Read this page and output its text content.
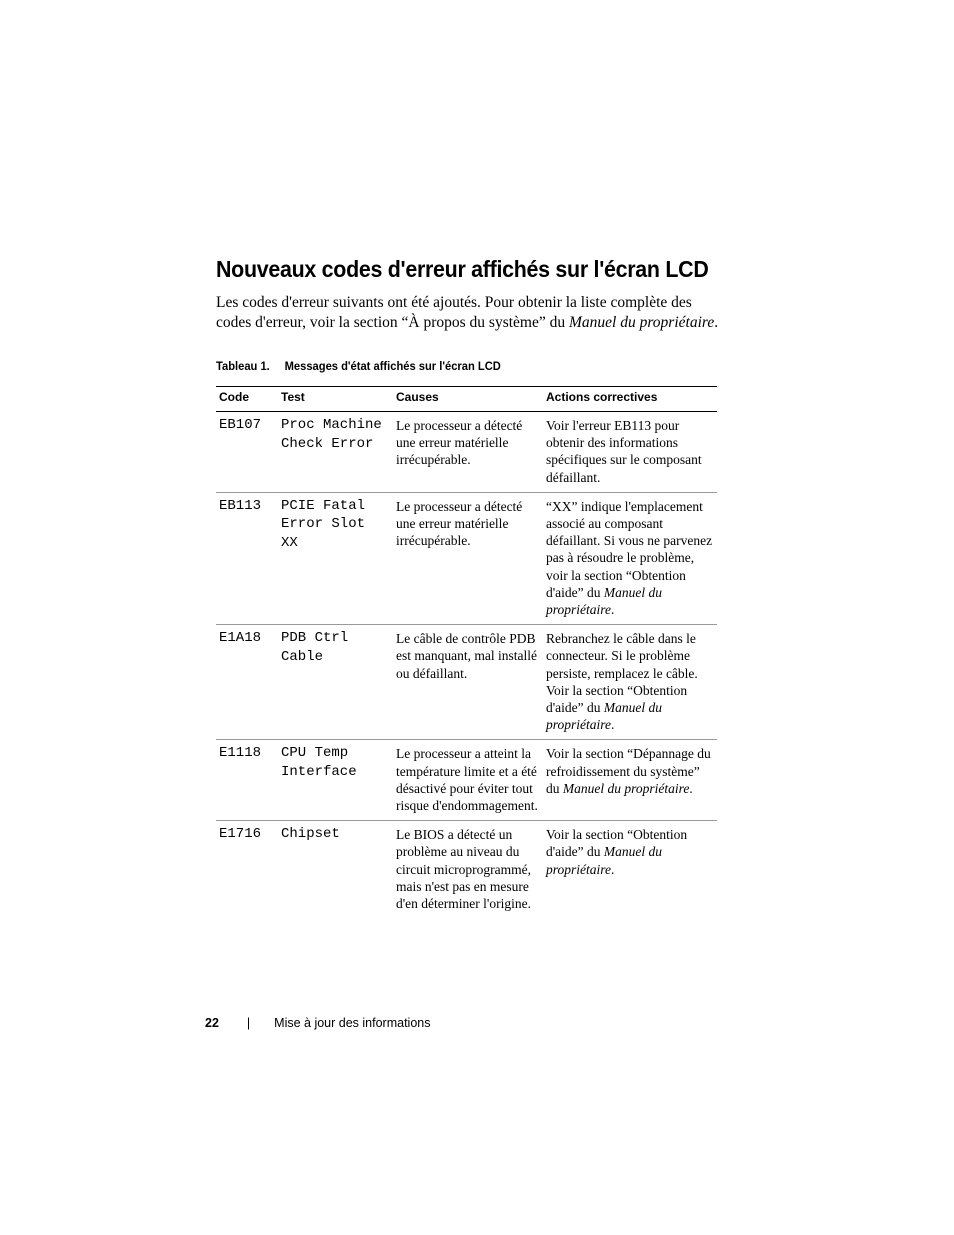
Nouveaux codes d'erreur affichés sur l'écran LCD

Les codes d'erreur suivants ont été ajoutés. Pour obtenir la liste complète des codes d'erreur, voir la section “À propos du système” du Manuel du propriétaire.

Tableau 1. Messages d'état affichés sur l'écran LCD

Code	Test	Causes	Actions correctives
EB107	Proc Machine Check Error	Le processeur a détecté une erreur matérielle irrécupérable.	Voir l'erreur EB113 pour obtenir des informations spécifiques sur le composant défaillant.
EB113	PCIE Fatal Error Slot XX	Le processeur a détecté une erreur matérielle irrécupérable.	“XX” indique l'emplacement associé au composant défaillant. Si vous ne parvenez pas à résoudre le problème, voir la section “Obtention d'aide” du Manuel du propriétaire.
E1A18	PDB Ctrl Cable	Le câble de contrôle PDB est manquant, mal installé ou défaillant.	Rebranchez le câble dans le connecteur. Si le problème persiste, remplacez le câble. Voir la section “Obtention d'aide” du Manuel du propriétaire.
E1118	CPU Temp Interface	Le processeur a atteint la température limite et a été désactivé pour éviter tout risque d'endommagement.	Voir la section “Dépannage du refroidissement du système” du Manuel du propriétaire.
E1716	Chipset	Le BIOS a détecté un problème au niveau du circuit microprogrammé, mais n'est pas en mesure d'en déterminer l'origine.	Voir la section “Obtention d'aide” du Manuel du propriétaire.
22 | Mise à jour des informations
